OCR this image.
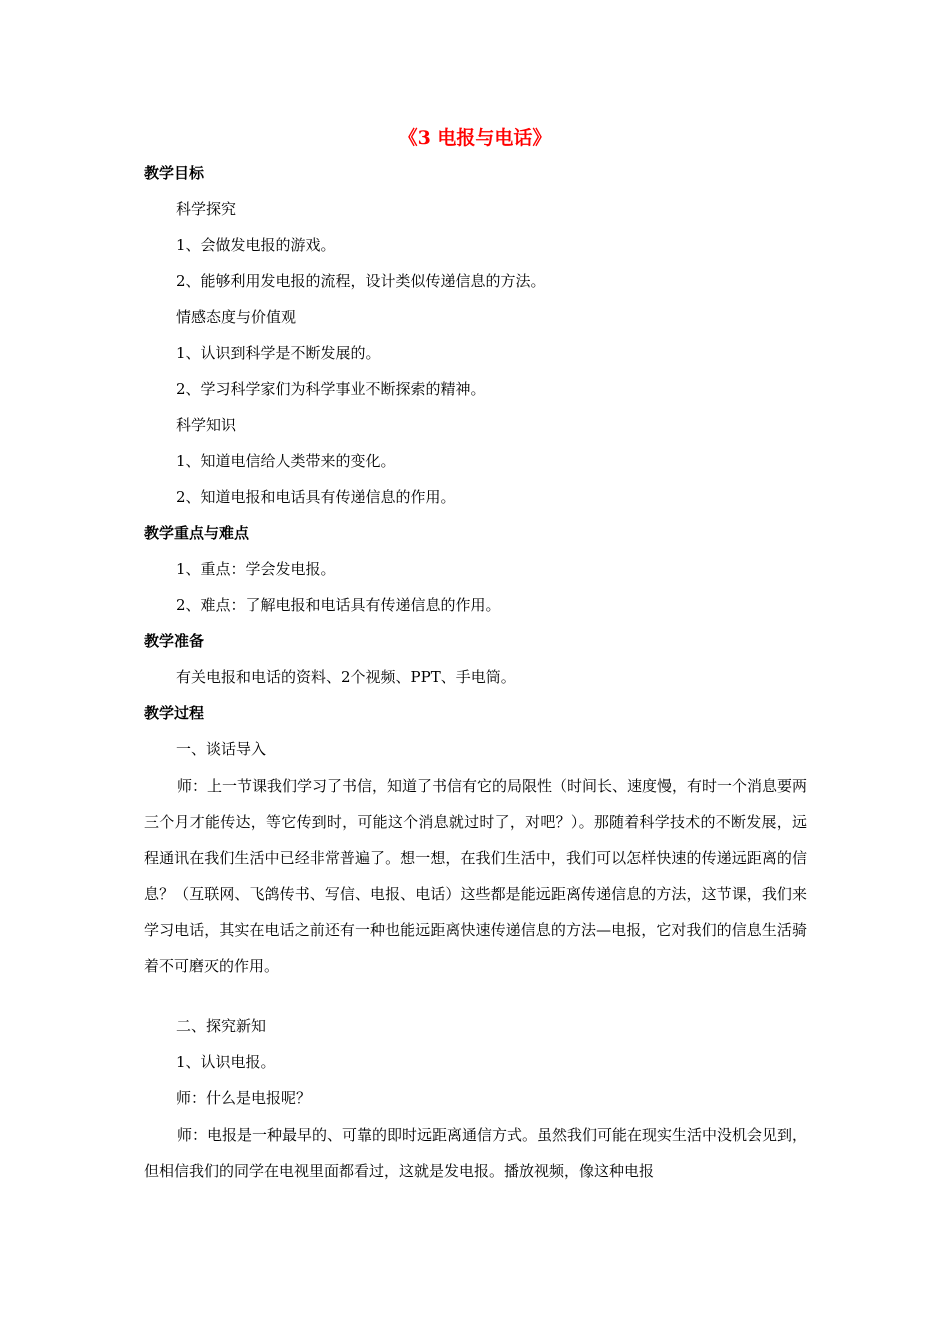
《3 电报与电话》
教学目标
科学探究
1、会做发电报的游戏。
2、能够利用发电报的流程，设计类似传递信息的方法。
情感态度与价值观
1、认识到科学是不断发展的。
2、学习科学家们为科学事业不断探索的精神。
科学知识
1、知道电信给人类带来的变化。
2、知道电报和电话具有传递信息的作用。
教学重点与难点
1、重点：学会发电报。
2、难点：了解电报和电话具有传递信息的作用。
教学准备
有关电报和电话的资料、2个视频、PPT、手电筒。
教学过程
一、谈话导入

师：上一节课我们学习了书信，知道了书信有它的局限性（时间长、速度慢，有时一个消息要两三个月才能传达，等它传到时，可能这个消息就过时了，对吧？）。那随着科学技术的不断发展，远程通讯在我们生活中已经非常普遍了。想一想，在我们生活中，我们可以怎样快速的传递远距离的信息？（互联网、飞鸽传书、写信、电报、电话）这些都是能远距离传递信息的方法，这节课，我们来学习电话，其实在电话之前还有一种也能远距离快速传递信息的方法—电报，它对我们的信息生活骑着不可磨灭的作用。

二、探究新知
1、认识电报。
师：什么是电报呢？

师：电报是一种最早的、可靠的即时远距离通信方式。虽然我们可能在现实生活中没机会见到，但相信我们的同学在电视里面都看过，这就是发电报。播放视频，像这种电报
